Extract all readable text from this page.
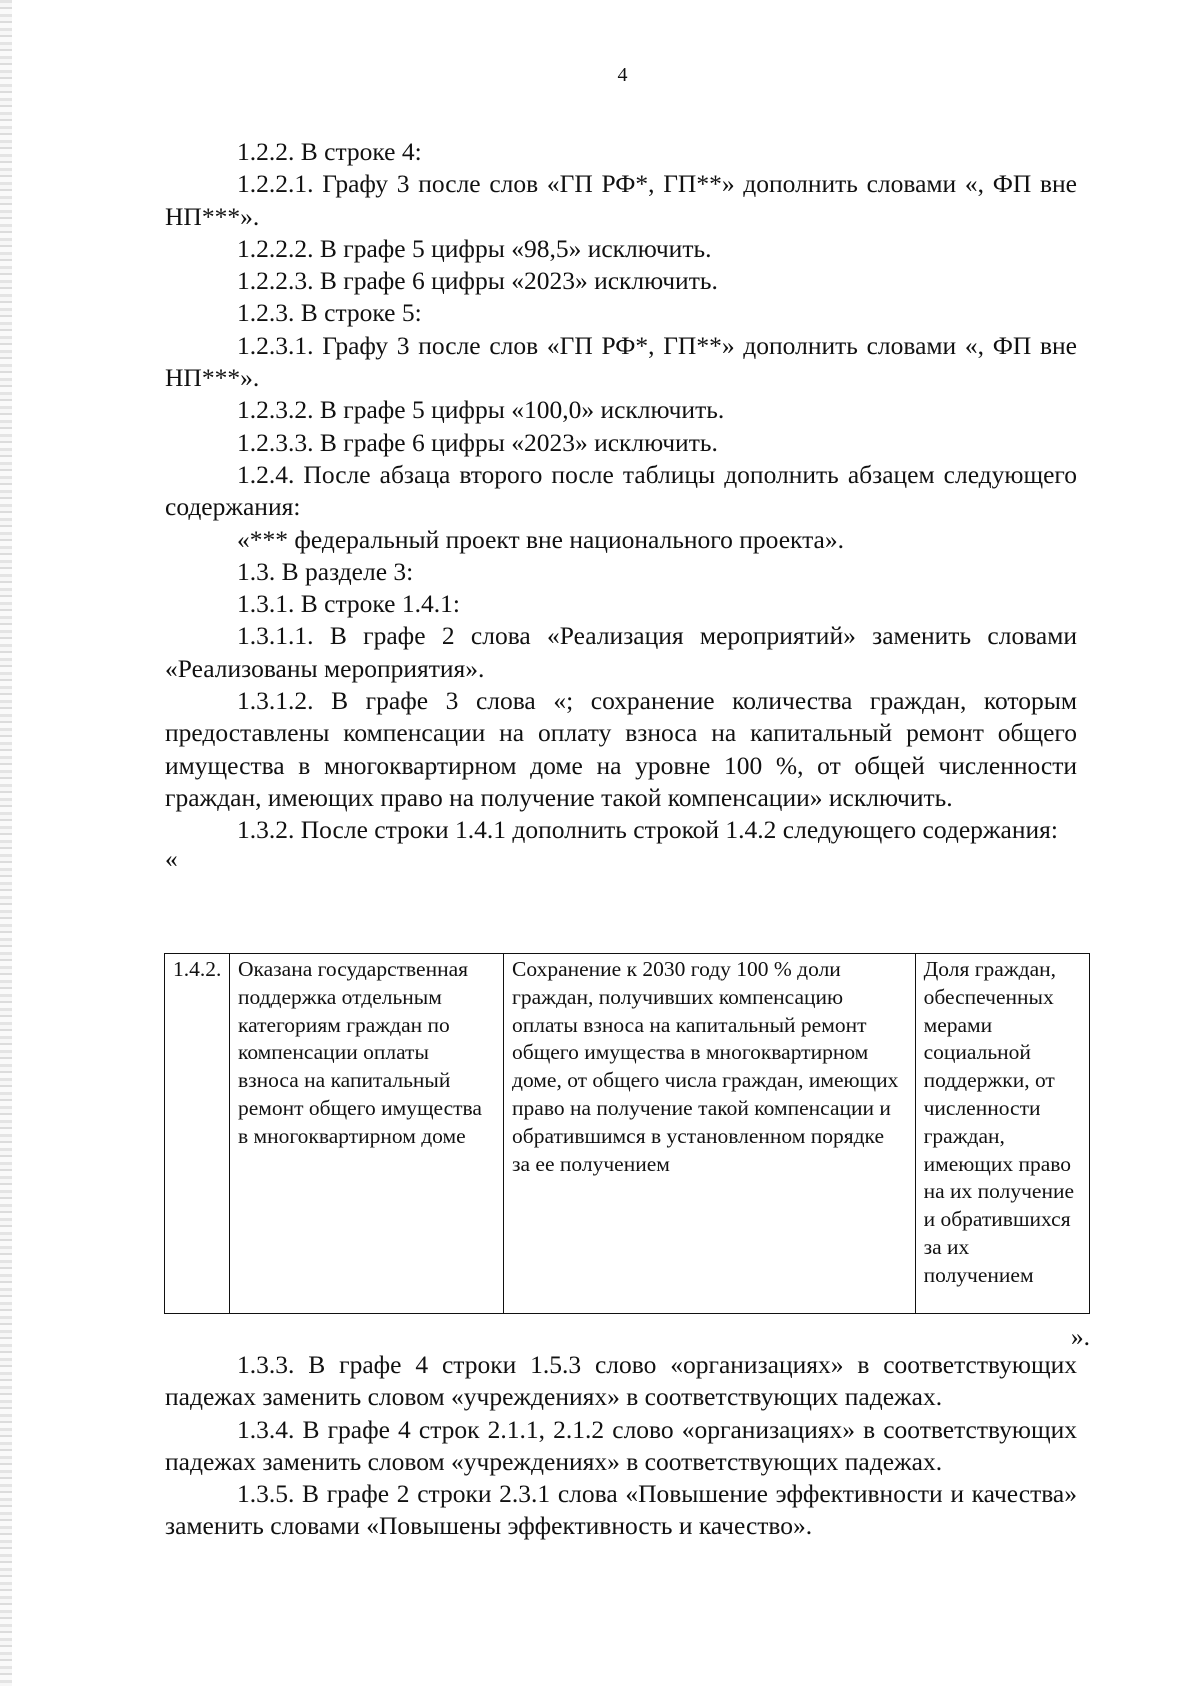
4

1.2.2. В строке 4:

1.2.2.1. Графу 3 после слов «ГП РФ*, ГП**» дополнить словами «, ФП вне НП***».

1.2.2.2. В графе 5 цифры «98,5» исключить.

1.2.2.3. В графе 6 цифры «2023» исключить.

1.2.3. В строке 5:

1.2.3.1. Графу 3 после слов «ГП РФ*, ГП**» дополнить словами «, ФП вне НП***».

1.2.3.2. В графе 5 цифры «100,0» исключить.

1.2.3.3. В графе 6 цифры «2023» исключить.

1.2.4. После абзаца второго после таблицы дополнить абзацем следующего содержания:

«*** федеральный проект вне национального проекта».

1.3. В разделе 3:

1.3.1. В строке 1.4.1:

1.3.1.1. В графе 2 слова «Реализация мероприятий» заменить словами «Реализованы мероприятия».

1.3.1.2. В графе 3 слова «; сохранение количества граждан, которым предоставлены компенсации на оплату взноса на капитальный ремонт общего имущества в многоквартирном доме на уровне 100 %, от общей численности граждан, имеющих право на получение такой компенсации» исключить.

1.3.2. После строки 1.4.1 дополнить строкой 1.4.2 следующего содержания:

«

1.4.2.	Оказана государственная поддержка отдельным категориям граждан по компенсации оплаты взноса на капитальный ремонт общего имущества в многоквартирном доме	Сохранение к 2030 году 100 % доли граждан, получивших компенсацию оплаты взноса на капитальный ремонт общего имущества в многоквартирном доме, от общего числа граждан, имеющих право на получение такой компенсации и обратившимся в установленном порядке за ее получением	Доля граждан, обеспеченных мерами социальной поддержки, от численности граждан, имеющих право на их получение и обратившихся за их получением
».

1.3.3. В графе 4 строки 1.5.3 слово «организациях» в соответствующих падежах заменить словом «учреждениях» в соответствующих падежах.

1.3.4. В графе 4 строк 2.1.1, 2.1.2 слово «организациях» в соответствующих падежах заменить словом «учреждениях» в соответствующих падежах.

1.3.5. В графе 2 строки 2.3.1 слова «Повышение эффективности и качества» заменить словами «Повышены эффективность и качество».
